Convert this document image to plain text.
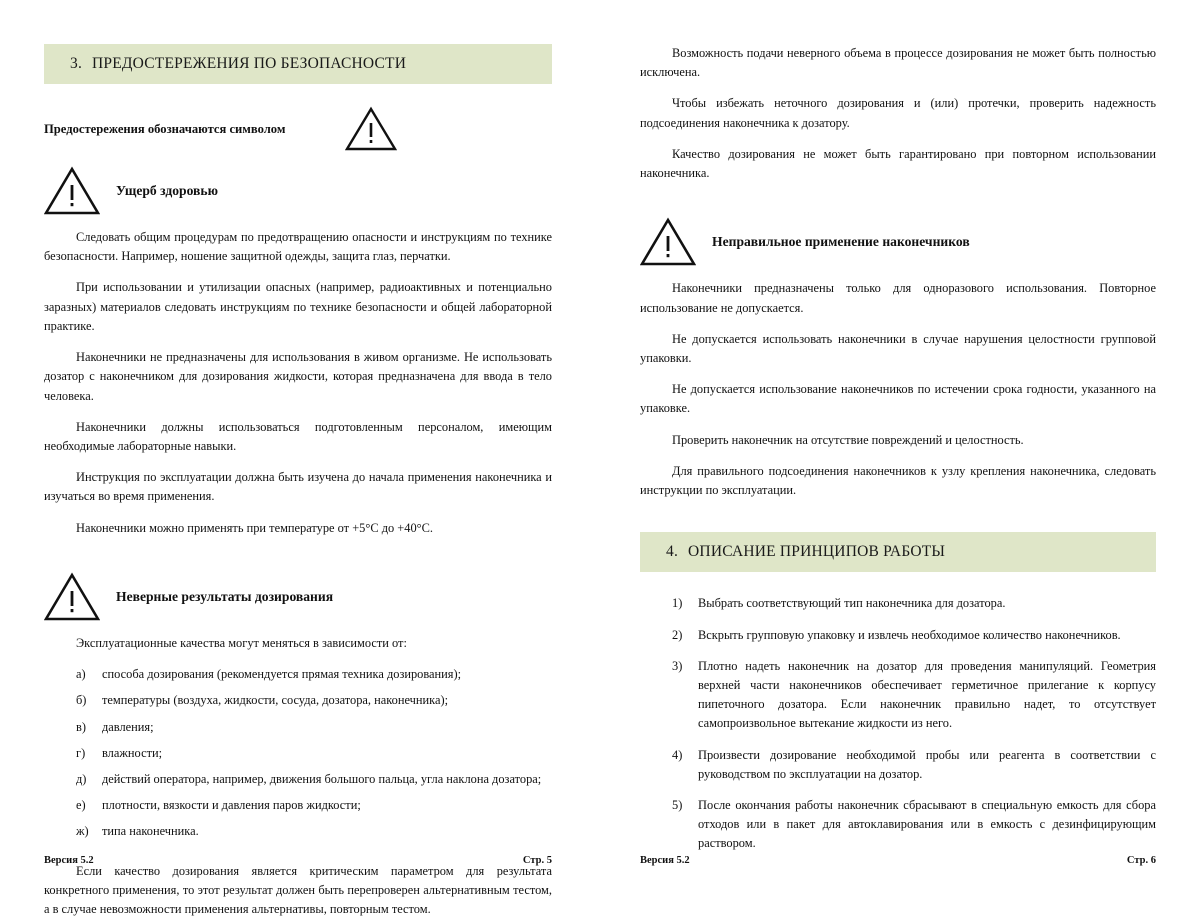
3. ПРЕДОСТЕРЕЖЕНИЯ ПО БЕЗОПАСНОСТИ
Предостережения обозначаются символом
Ущерб здоровью

Следовать общим процедурам по предотвращению опасности и инструкциям по технике безопасности. Например, ношение защитной одежды, защита глаз, перчатки.

При использовании и утилизации опасных (например, радиоактивных и потенциально заразных) материалов следовать инструкциям по технике безопасности и общей лабораторной практике.

Наконечники не предназначены для использования в живом организме. Не использовать дозатор с наконечником для дозирования жидкости, которая предназначена для ввода в тело человека.

Наконечники должны использоваться подготовленным персоналом, имеющим необходимые лабораторные навыки.

Инструкция по эксплуатации должна быть изучена до начала применения наконечника и изучаться во время применения.

Наконечники можно применять при температуре от +5°C до +40°C.

Неверные результаты дозирования

Эксплуатационные качества могут меняться в зависимости от:

а)	способа дозирования (рекомендуется прямая техника дозирования);
б)	температуры (воздуха, жидкости, сосуда, дозатора, наконечника);
в)	давления;
г)	влажности;
д)	действий оператора, например, движения большого пальца, угла наклона дозатора;
е)	плотности, вязкости и давления паров жидкости;
ж)	типа наконечника.

Если качество дозирования является критическим параметром для результата конкретного применения, то этот результат должен быть перепроверен альтернативным тестом, а в случае невозможности применения альтернативы, повторным тестом.

Версия 5.2	Стр. 5

Возможность подачи неверного объема в процессе дозирования не может быть полностью исключена.

Чтобы избежать неточного дозирования и (или) протечки, проверить надежность подсоединения наконечника к дозатору.

Качество дозирования не может быть гарантировано при повторном использовании наконечника.

Неправильное применение наконечников

Наконечники предназначены только для одноразового использования. Повторное использование не допускается.

Не допускается использовать наконечники в случае нарушения целостности групповой упаковки.

Не допускается использование наконечников по истечении срока годности, указанного на упаковке.

Проверить наконечник на отсутствие повреждений и целостность.

Для правильного подсоединения наконечников к узлу крепления наконечника, следовать инструкции по эксплуатации.

4. ОПИСАНИЕ ПРИНЦИПОВ РАБОТЫ
1)	Выбрать соответствующий тип наконечника для дозатора.
2)	Вскрыть групповую упаковку и извлечь необходимое количество наконечников.
3)	Плотно надеть наконечник на дозатор для проведения манипуляций. Геометрия верхней части наконечников обеспечивает герметичное прилегание к корпусу пипеточного дозатора. Если наконечник правильно надет, то отсутствует самопроизвольное вытекание жидкости из него.
4)	Произвести дозирование необходимой пробы или реагента в соответствии с руководством по эксплуатации на дозатор.
5)	После окончания работы наконечник сбрасывают в специальную емкость для сбора отходов или в пакет для автоклавирования или в емкость с дезинфицирующим раствором.
Версия 5.2	Стр. 6
